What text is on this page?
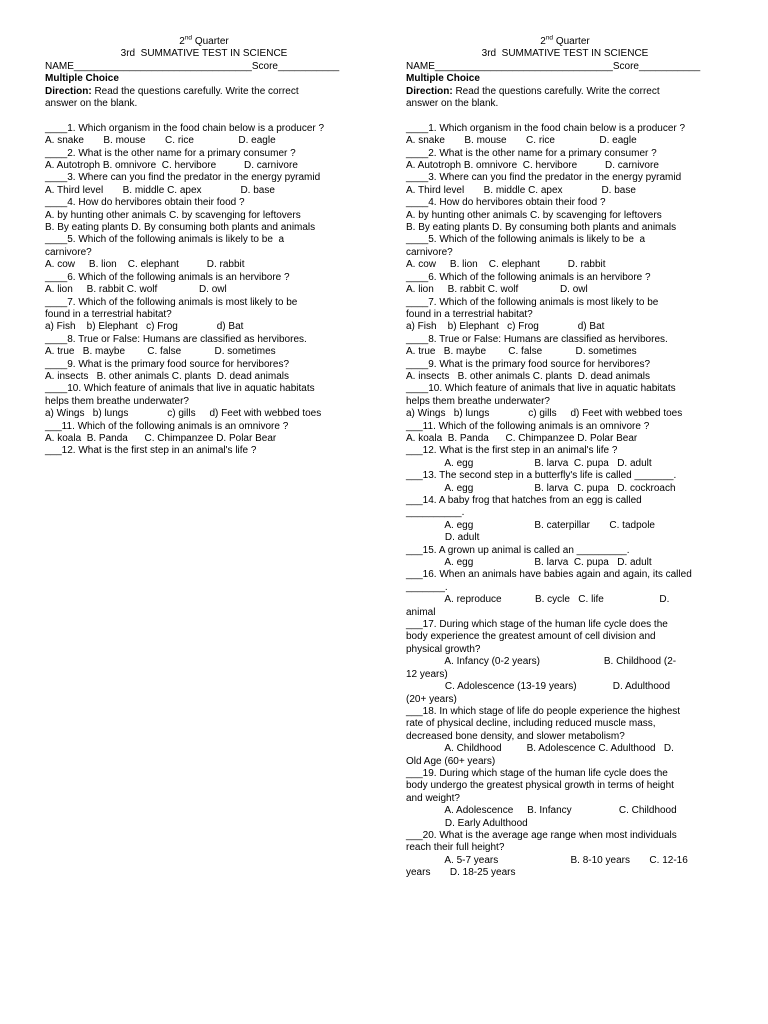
2nd Quarter
3rd  SUMMATIVE TEST IN SCIENCE
NAME________________________________Score___________
Multiple Choice
Direction: Read the questions carefully. Write the correct
answer on the blank.
____1. Which organism in the food chain below is a producer ?
A. snake       B. mouse       C. rice                D. eagle
____2. What is the other name for a primary consumer ?
A. Autotroph B. omnivore  C. hervibore          D. carnivore
____3. Where can you find the predator in the energy pyramid
A. Third level       B. middle C. apex              D. base
____4. How do hervibores obtain their food ?
A. by hunting other animals C. by scavenging for leftovers
B. By eating plants D. By consuming both plants and animals
____5. Which of the following animals is likely to be  a
carnivore?
A. cow     B. lion    C. elephant          D. rabbit
____6. Which of the following animals is an hervibore ?
A. lion     B. rabbit C. wolf               D. owl
____7. Which of the following animals is most likely to be
found in a terrestrial habitat?
a) Fish    b) Elephant   c) Frog              d) Bat
____8. True or False: Humans are classified as hervibores.
A. true   B. maybe        C. false            D. sometimes
____9. What is the primary food source for hervibores?
A. insects   B. other animals C. plants  D. dead animals
____10. Which feature of animals that live in aquatic habitats
helps them breathe underwater?
a) Wings   b) lungs              c) gills     d) Feet with webbed toes
___11. Which of the following animals is an omnivore ?
A. koala  B. Panda      C. Chimpanzee D. Polar Bear
___12. What is the first step in an animal's life ?
2nd Quarter
3rd  SUMMATIVE TEST IN SCIENCE
NAME________________________________Score___________
Multiple Choice
Direction: Read the questions carefully. Write the correct
answer on the blank.
____1. Which organism in the food chain below is a producer ?
A. snake       B. mouse       C. rice                D. eagle
____2. What is the other name for a primary consumer ?
A. Autotroph B. omnivore  C. hervibore          D. carnivore
____3. Where can you find the predator in the energy pyramid
A. Third level       B. middle C. apex              D. base
____4. How do hervibores obtain their food ?
A. by hunting other animals C. by scavenging for leftovers
B. By eating plants D. By consuming both plants and animals
____5. Which of the following animals is likely to be  a
carnivore?
A. cow     B. lion    C. elephant          D. rabbit
____6. Which of the following animals is an hervibore ?
A. lion     B. rabbit C. wolf               D. owl
____7. Which of the following animals is most likely to be
found in a terrestrial habitat?
a) Fish    b) Elephant   c) Frog              d) Bat
____8. True or False: Humans are classified as hervibores.
A. true   B. maybe        C. false            D. sometimes
____9. What is the primary food source for hervibores?
A. insects   B. other animals C. plants  D. dead animals
____10. Which feature of animals that live in aquatic habitats
helps them breathe underwater?
a) Wings   b) lungs              c) gills     d) Feet with webbed toes
___11. Which of the following animals is an omnivore ?
A. koala  B. Panda      C. Chimpanzee D. Polar Bear
___12. What is the first step in an animal's life ?
A. egg                      B. larva  C. pupa   D. adult
___13. The second step in a butterfly's life is called _______.
A. egg                      B. larva  C. pupa   D. cockroach
___14. A baby frog that hatches from an egg is called
__________.
A. egg                      B. caterpillar       C. tadpole
D. adult
___15. A grown up animal is called an _________.
A. egg                      B. larva  C. pupa   D. adult
___16. When an animals have babies again and again, its called
_______.
A. reproduce            B. cycle   C. life                    D.
animal
___17. During which stage of the human life cycle does the
body experience the greatest amount of cell division and
physical growth?
A. Infancy (0-2 years)                       B. Childhood (2-
12 years)
C. Adolescence (13-19 years)             D. Adulthood
(20+ years)
___18. In which stage of life do people experience the highest
rate of physical decline, including reduced muscle mass,
decreased bone density, and slower metabolism?
A. Childhood         B. Adolescence C. Adulthood   D.
Old Age (60+ years)
___19. During which stage of the human life cycle does the
body undergo the greatest physical growth in terms of height
and weight?
A. Adolescence     B. Infancy                 C. Childhood
D. Early Adulthood
___20. What is the average age range when most individuals
reach their full height?
A. 5-7 years                          B. 8-10 years       C. 12-16
years       D. 18-25 years
